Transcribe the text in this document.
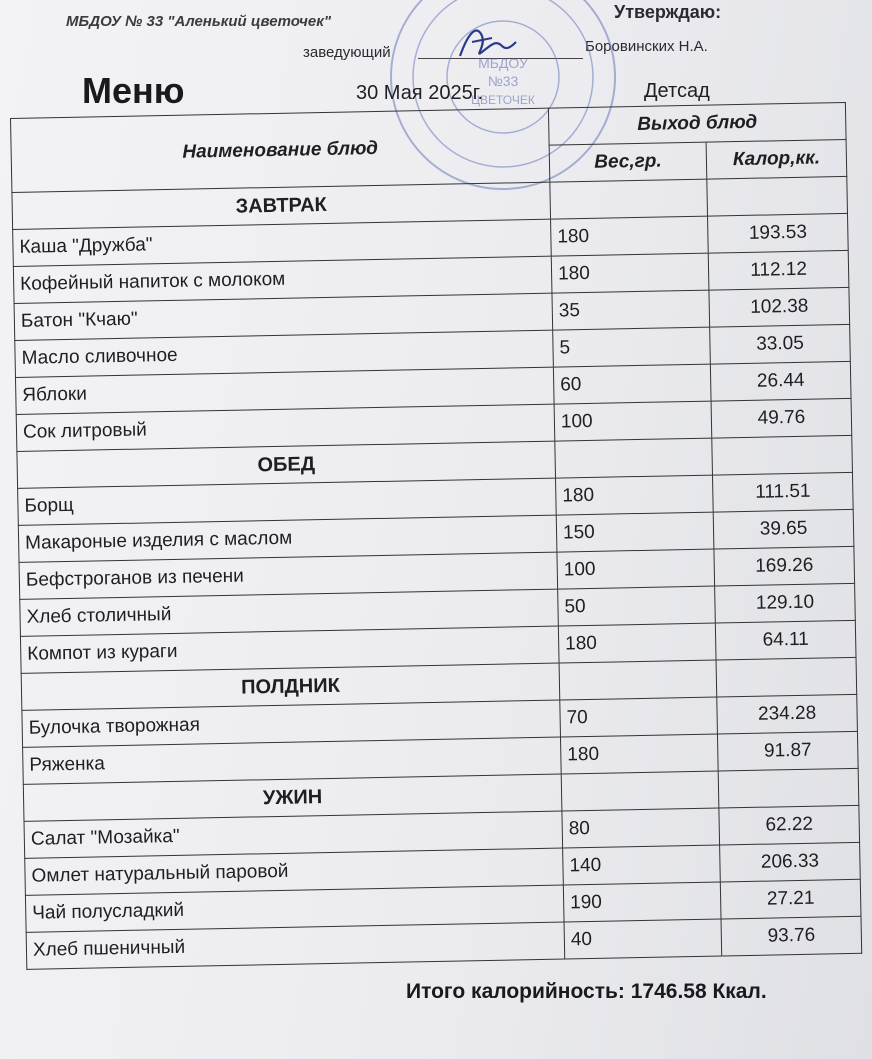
МБДОУ № 33 "Аленький цветочек"	Утверждаю:
заведующий	Боровинских Н.А.
МБДОУ
№33
ЦВЕТОЧЕК
Меню	30 Мая 2025г.	Детсад
Наименование блюд	Выход блюд	
	Вес,гр.	Калор,кк.
ЗАВТРАК		
Каша "Дружба"	180	193.53
Кофейный напиток с молоком	180	112.12
Батон "Кчаю"	35	102.38
Масло сливочное	5	33.05
Яблоки	60	26.44
Сок литровый	100	49.76
ОБЕД		
Борщ	180	111.51
Макароные изделия с маслом	150	39.65
Бефстроганов из печени	100	169.26
Хлеб столичный	50	129.10
Компот из кураги	180	64.11
ПОЛДНИК		
Булочка творожная	70	234.28
Ряженка	180	91.87
УЖИН		
Салат "Мозайка"	80	62.22
Омлет натуральный паровой	140	206.33
Чай полусладкий	190	27.21
Хлеб пшеничный	40	93.76
Итого калорийность: 1746.58 Ккал.
